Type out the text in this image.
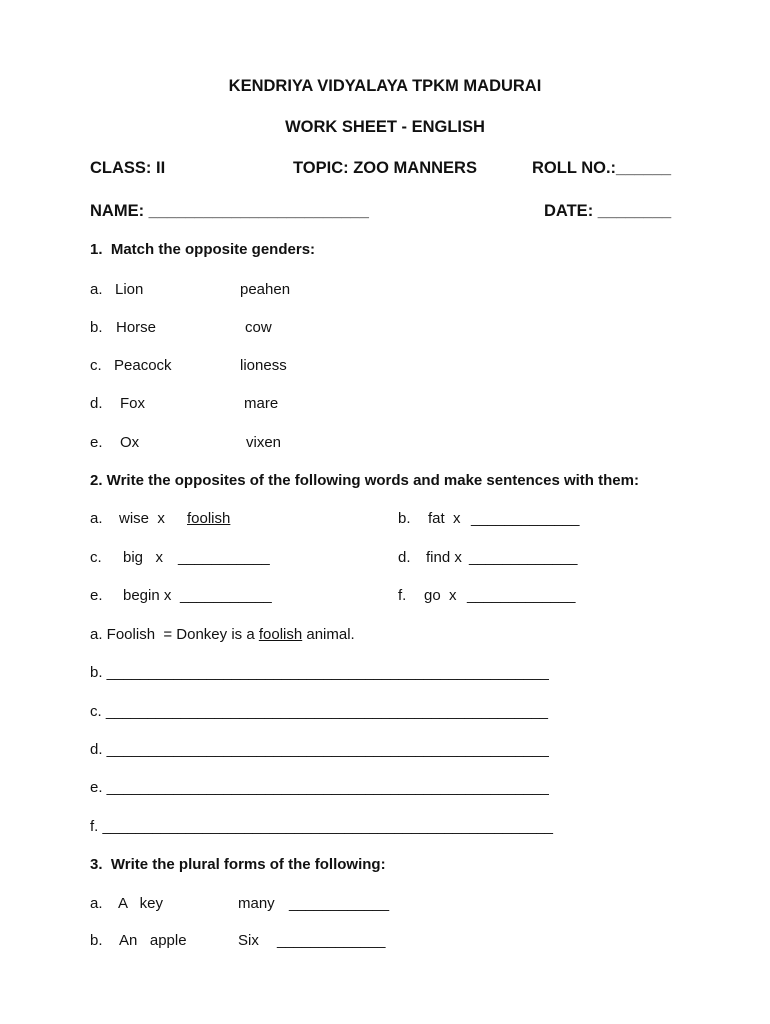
KENDRIYA VIDYALAYA TPKM MADURAI
WORK SHEET - ENGLISH
CLASS: II	TOPIC: ZOO MANNERS	ROLL NO.:______
NAME: ________________________	DATE: ________
1.  Match the opposite genders:
a. Lion	peahen
b. Horse	cow
c. Peacock	lioness
d. Fox	mare
e. Ox	vixen
2. Write the opposites of the following words and make sentences with them:
a. wise  x foolish	b. fat  x _____________
c. big   x ___________	d. find x _____________
e. begin x ___________	f. go  x _____________
a. Foolish  = Donkey is a foolish animal.
b. _____________________________________________________
c. _____________________________________________________
d. _____________________________________________________
e. _____________________________________________________
f. ______________________________________________________
3.  Write the plural forms of the following:
a. A   key	many ____________
b. An   apple	Six _____________
